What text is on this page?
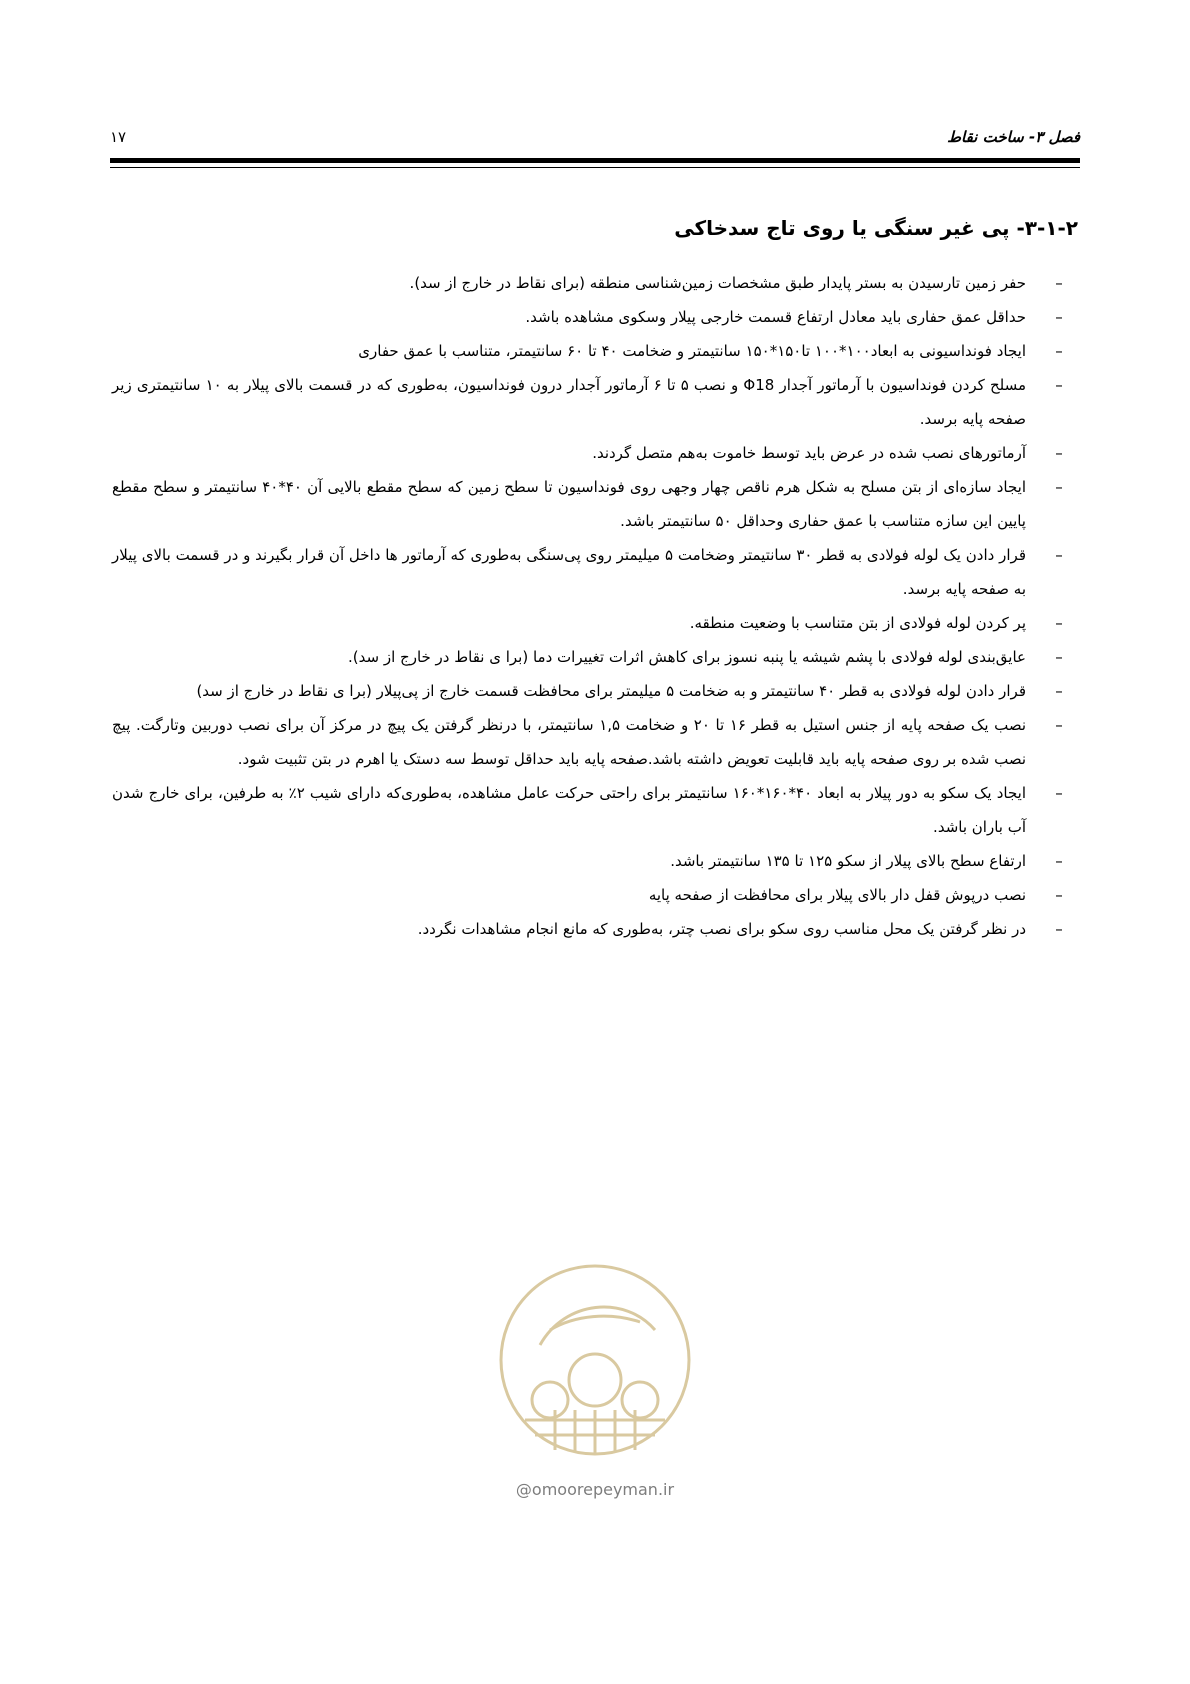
فصل ۳- ساخت نقاط
۱۷
۳-۱-۲- پی غیر سنگی یا روی تاج سدخاکی
–
حفر زمین تارسیدن به بستر پایدار طبق مشخصات زمین‌شناسی منطقه (برای نقاط در خارج از سد).
–
حداقل عمق حفاری باید معادل ارتفاع قسمت خارجی پیلار وسکوی مشاهده باشد.
–
ایجاد فونداسیونی به ابعاد۱۰۰*۱۰۰ تا۱۵۰*۱۵۰ سانتیمتر و ضخامت ۴۰ تا ۶۰ سانتیمتر، متناسب با عمق حفاری
–
مسلح کردن فونداسیون با آرماتور آجدار Φ18 و نصب ۵ تا ۶ آرماتور آجدار درون فونداسیون، به‌طوری که در قسمت بالای پیلار به ۱۰ سانتیمتری زیر صفحه پایه برسد.
–
آرماتورهای نصب شده در عرض باید توسط خاموت به‌هم متصل گردند.
–
ایجاد سازه‌ای از بتن مسلح به شکل هرم ناقص چهار وجهی روی فونداسیون تا سطح زمین که سطح مقطع بالایی آن ۴۰*۴۰ سانتیمتر و سطح مقطع پایین این سازه متناسب با عمق حفاری وحداقل ۵۰ سانتیمتر باشد.
–
قرار دادن یک لوله فولادی به قطر ۳۰ سانتیمتر وضخامت ۵ میلیمتر روی پی‌سنگی به‌طوری که آرماتور ها داخل آن قرار بگیرند و در قسمت بالای پیلار به صفحه پایه برسد.
–
پر کردن لوله فولادی از بتن متناسب با وضعیت منطقه.
–
عایق‌بندی لوله فولادی با پشم شیشه یا پنبه نسوز برای کاهش اثرات تغییرات دما (برا ی نقاط در خارج از سد).
–
قرار دادن لوله فولادی به قطر ۴۰ سانتیمتر و به ضخامت ۵ میلیمتر برای محافظت قسمت خارج از پی‌پیلار (برا ی نقاط در خارج از سد)
–
نصب یک صفحه پایه از جنس استیل به قطر ۱۶ تا ۲۰ و ضخامت ۱,۵ سانتیمتر، با درنظر گرفتن یک پیچ در مرکز آن برای نصب دوربین وتارگت. پیچ نصب شده بر روی صفحه پایه باید قابلیت تعویض داشته باشد.صفحه پایه باید حداقل توسط سه دستک یا اهرم در بتن تثبیت شود.
–
ایجاد یک سکو به دور پیلار به ابعاد ۴۰*۱۶۰*۱۶۰ سانتیمتر برای راحتی حرکت عامل مشاهده، به‌طوری‌که دارای شیب ۲٪ به طرفین، برای خارج شدن آب باران باشد.
–
ارتفاع سطح بالای پیلار از سکو ۱۲۵ تا ۱۳۵ سانتیمتر باشد.
–
نصب درپوش قفل دار بالای پیلار برای محافظت از صفحه پایه
–
در نظر گرفتن یک محل مناسب روی سکو برای نصب چتر، به‌طوری که مانع انجام مشاهدات نگردد.
@omoorepeyman.ir
